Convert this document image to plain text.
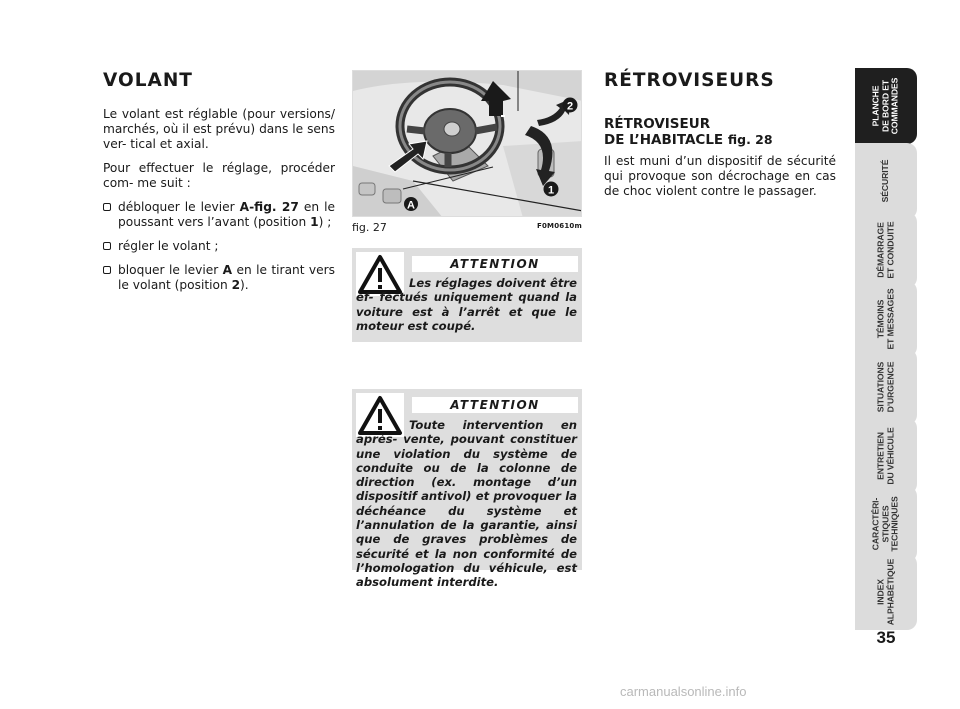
VOLANT

Le volant est réglable (pour versions/ marchés, où il est prévu) dans le sens ver- tical et axial.

Pour effectuer le réglage, procéder com- me suit :

débloquer le levier A-fig. 27 en le poussant vers l’avant (position 1) ;
régler le volant ;
bloquer le levier A en le tirant vers le volant (position 2).
A
1
2
fig. 27	F0M0610m
ATTENTION
Les réglages doivent être ef- fectués uniquement quand la voiture est à l’arrêt et que le moteur est coupé.
ATTENTION
Toute intervention en après- vente, pouvant constituer une violation du système de conduite ou de la colonne de direction (ex. montage d’un dispositif antivol) et provoquer la déchéance du système et l’annulation de la garantie, ainsi que de graves problèmes de sécurité et la non conformité de l’homologation du véhicule, est absolument interdite.
RÉTROVISEURS
RÉTROVISEUR
DE L’HABITACLE fig. 28

Il est muni d’un dispositif de sécurité qui provoque son décrochage en cas de choc violent contre le passager.

PLANCHE
DE BORD ET
COMMANDES
SÉCURITÉ
DÉMARRAGE
ET CONDUITE
TÉMOINS
ET MESSAGES
SITUATIONS
D’URGENCE
ENTRETIEN
DU VÉHICULE
CARACTÉRI-
STIQUES
TECHNIQUES
INDEX
ALPHABÉTIQUE
35
carmanualsonline.info
